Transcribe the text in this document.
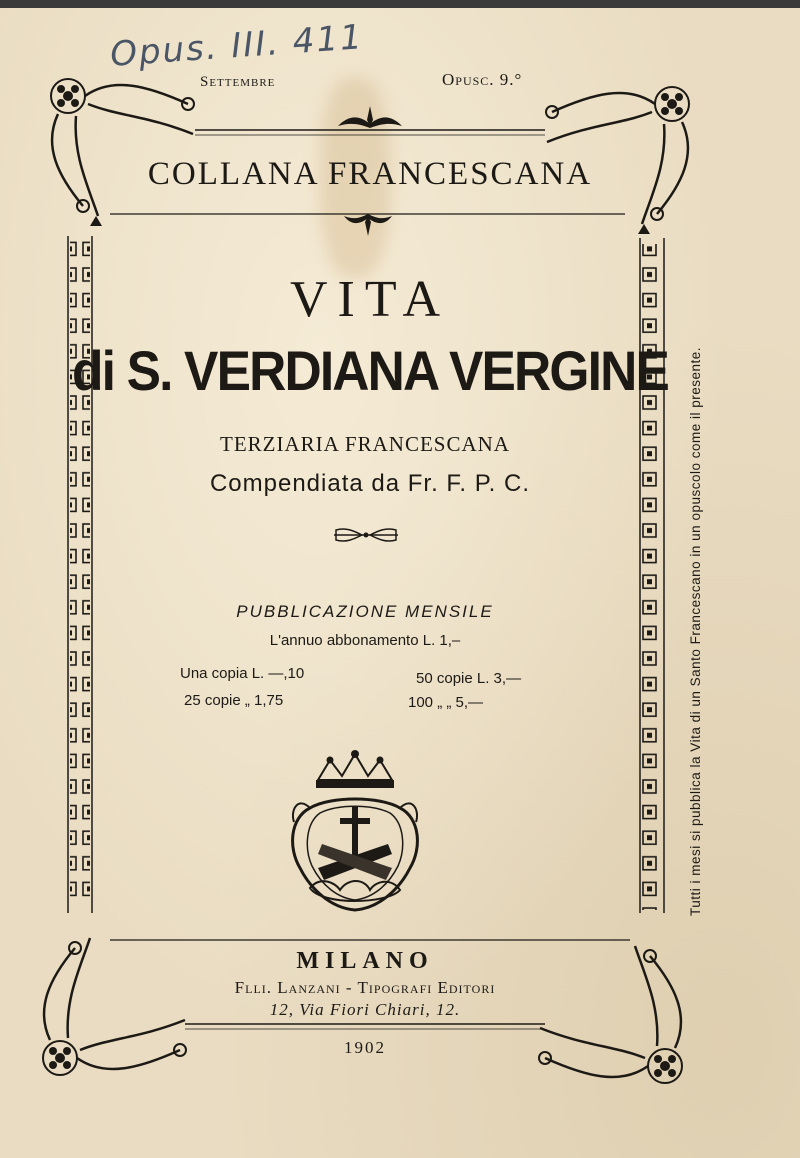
Opus. III. 411
Settembre	Opusc. 9.°
COLLANA FRANCESCANA
VITA
di S. VERDIANA VERGINE
TERZIARIA FRANCESCANA
Compendiata da Fr. F. P. C.
PUBBLICAZIONE MENSILE
L'annuo abbonamento L. 1,–
Una copia L. —,10	50 copie L. 3,—
25 copie „ 1,75	100 „ „ 5,—
MILANO
Flli. Lanzani - Tipografi Editori
12, Via Fiori Chiari, 12.
1902
Tutti i mesi si pubblica la Vita di un Santo Francescano in un opuscolo come il presente.
